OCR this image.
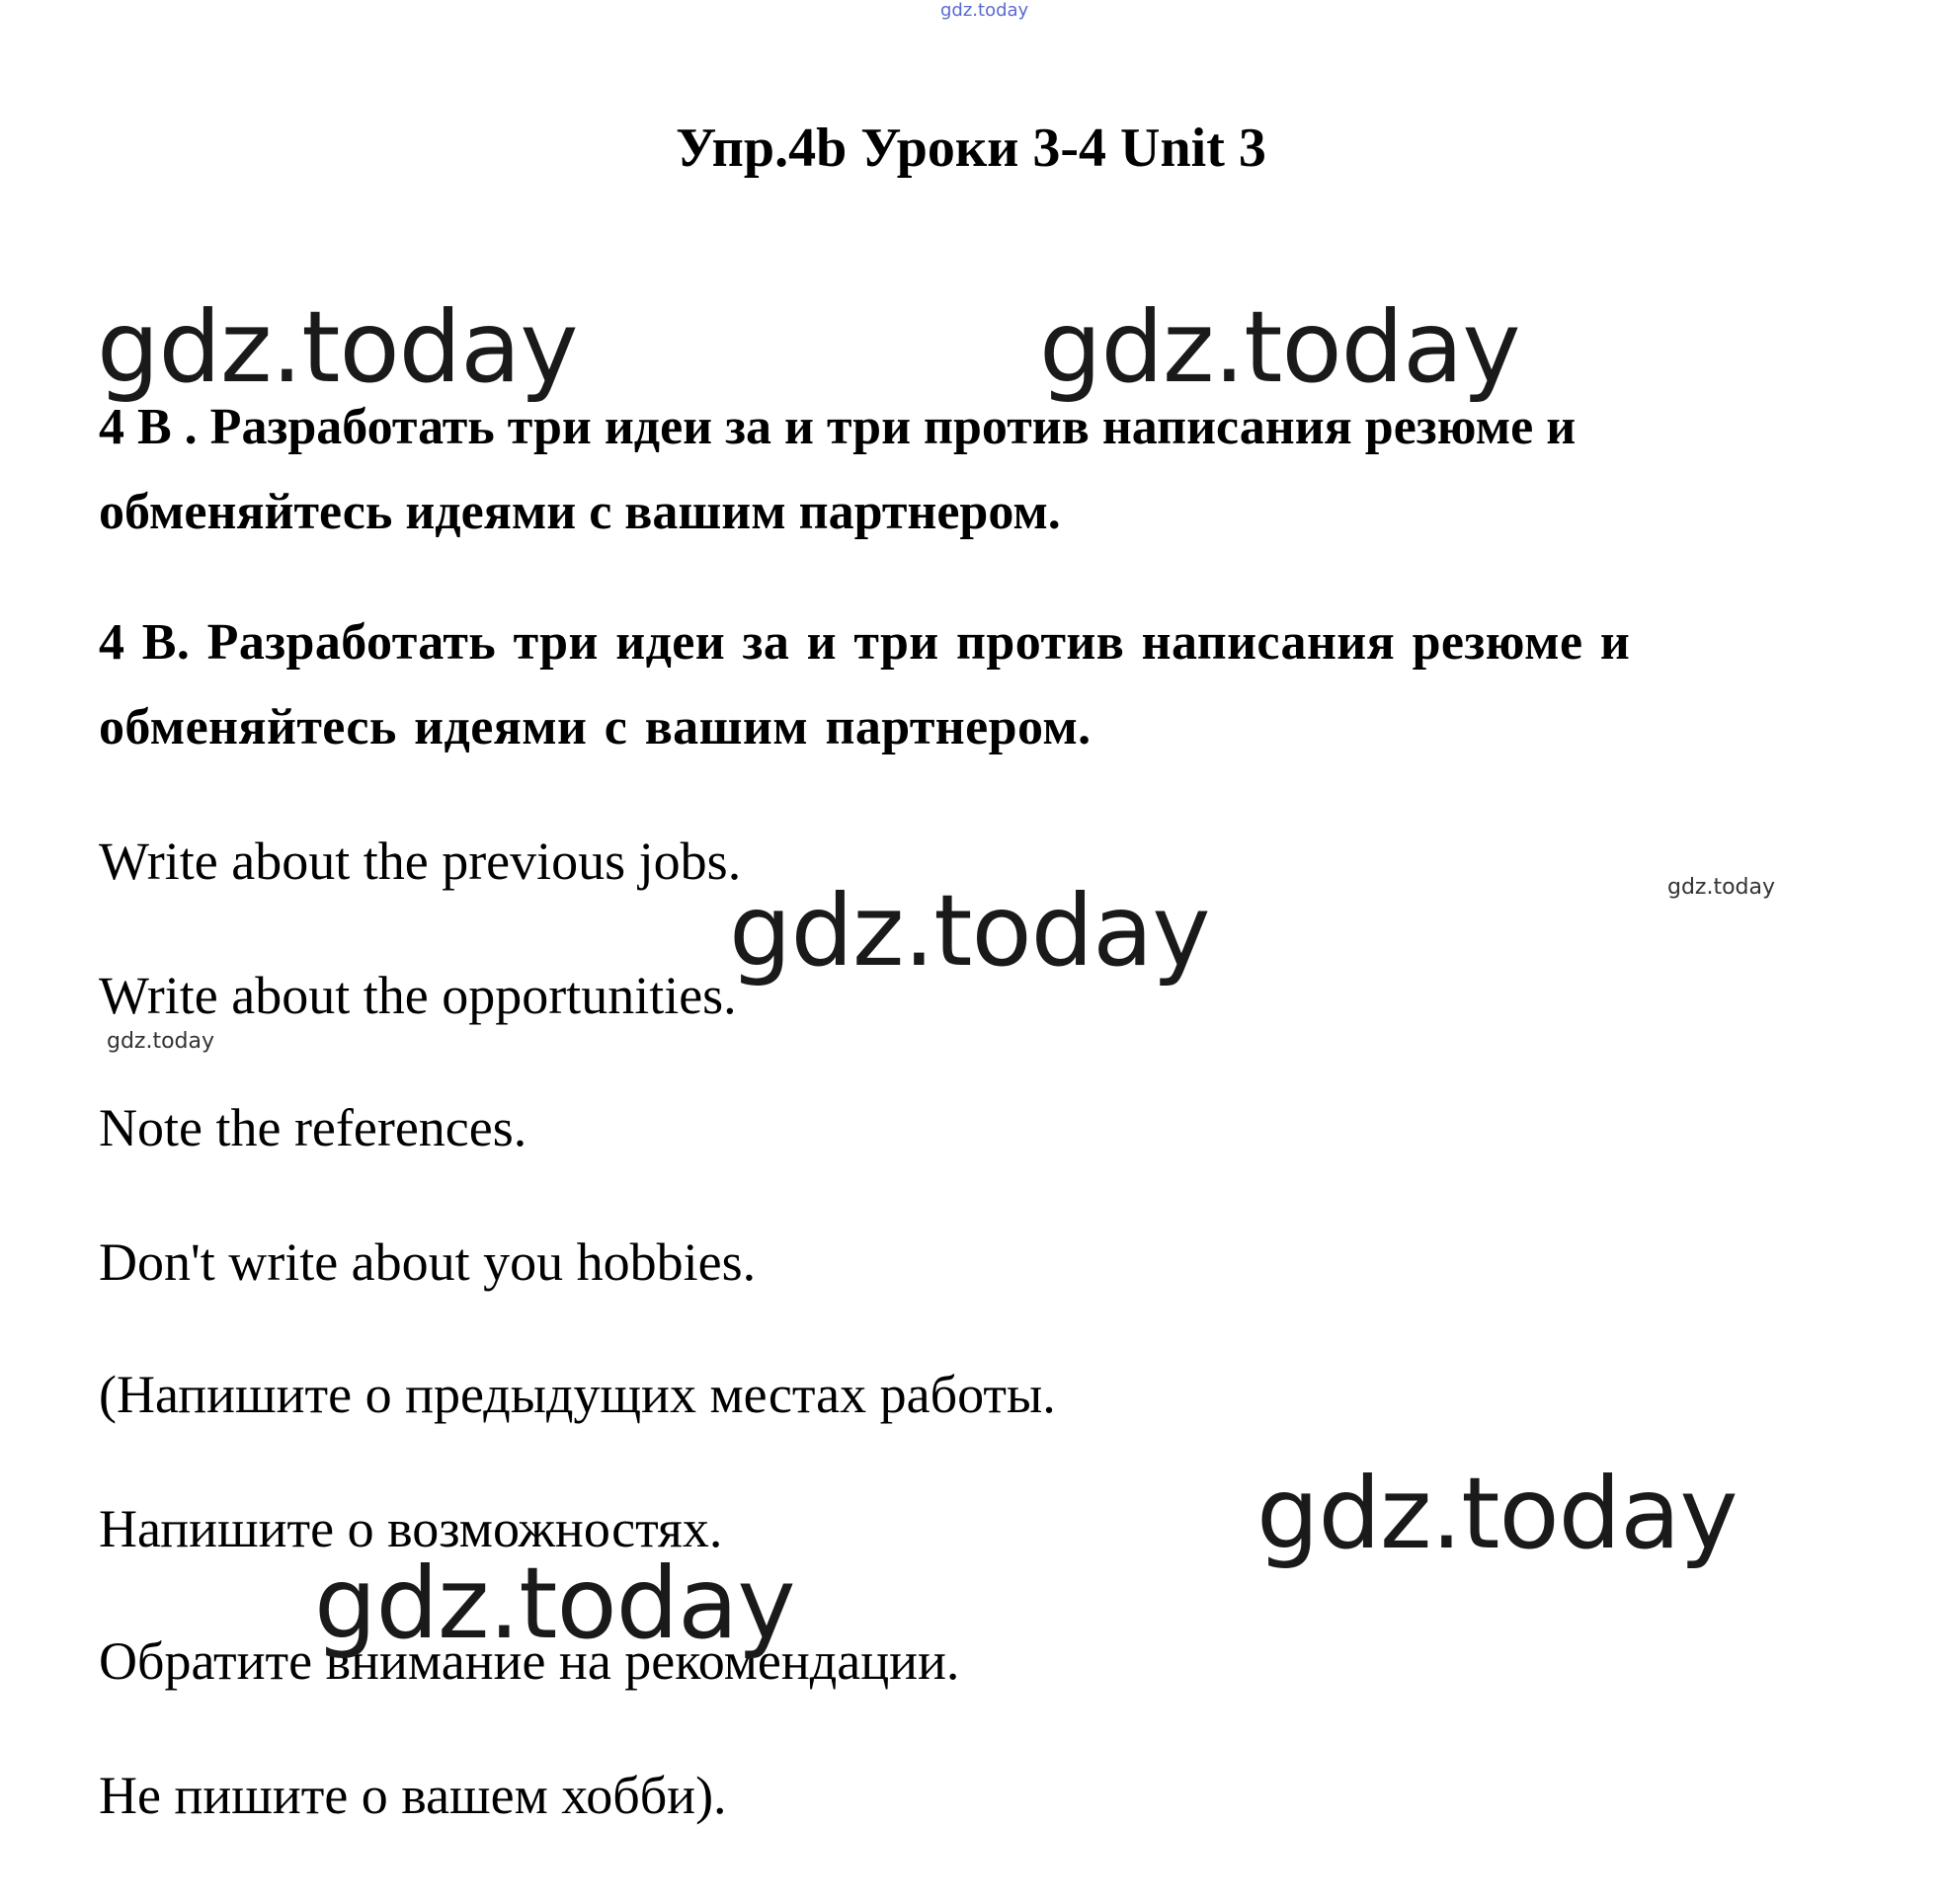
gdz.today
Упр.4b Уроки 3-4 Unit 3
gdz.today	gdz.today
4 В . Разработать три идеи за и три против написания резюме и
обменяйтесь идеями с вашим партнером.
4 В. Разработать три идеи за и три против написания резюме и
обменяйтесь идеями с вашим партнером.
Write about the previous jobs.
Write about the opportunities.
Note the references.
Don't write about you hobbies.
(Напишите о предыдущих местах работы.
Напишите о возможностях.
Обратите внимание на рекомендации.
Не пишите о вашем хобби).
gdz.today	gdz.today
gdz.today
gdz.today
gdz.today
